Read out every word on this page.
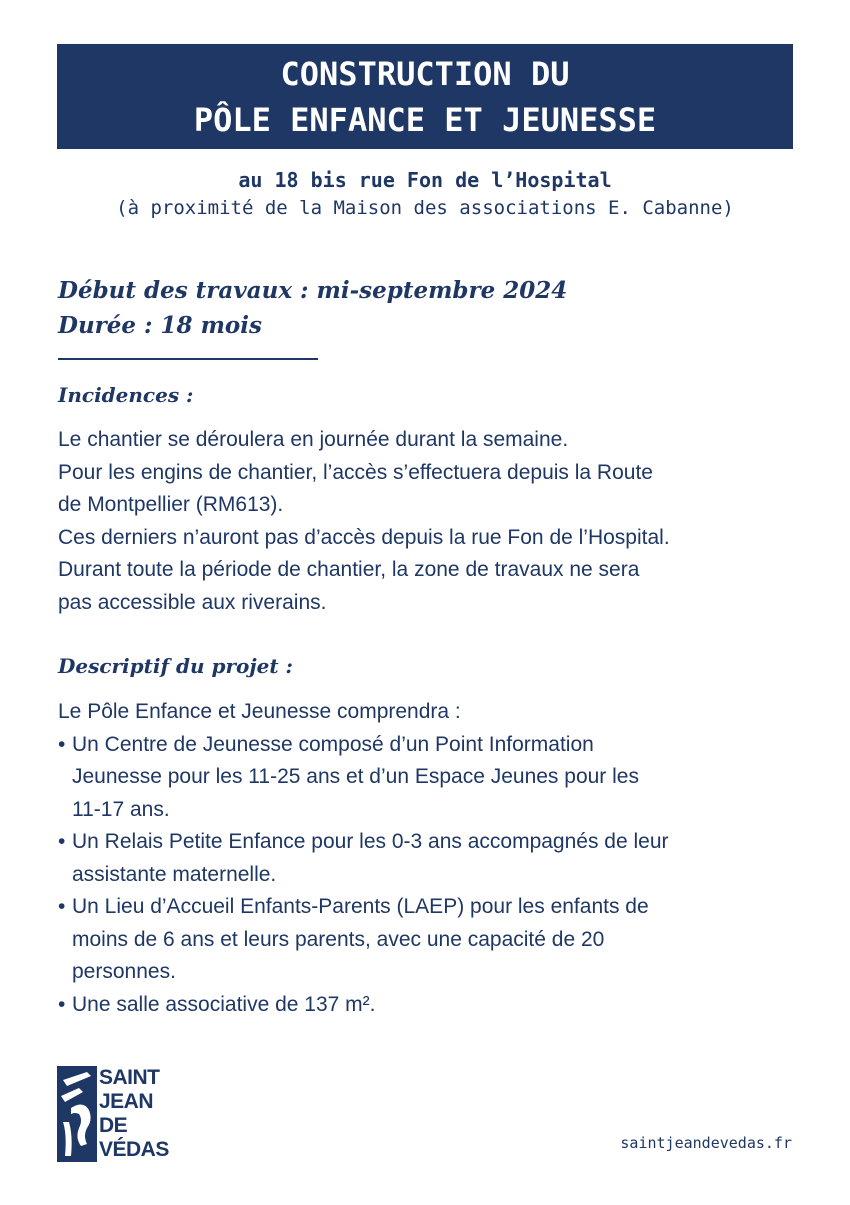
CONSTRUCTION DU
PÔLE ENFANCE ET JEUNESSE
au 18 bis rue Fon de l’Hospital
(à proximité de la Maison des associations E. Cabanne)
Début des travaux : mi-septembre 2024
Durée : 18 mois
Incidences :

Le chantier se déroulera en journée durant la semaine.

Pour les engins de chantier, l’accès s’effectuera depuis la Route

de Montpellier (RM613).

Ces derniers n’auront pas d’accès depuis la rue Fon de l’Hospital.

Durant toute la période de chantier, la zone de travaux ne sera

pas accessible aux riverains.

Descriptif du projet :

Le Pôle Enfance et Jeunesse comprendra :

• Un Centre de Jeunesse composé d’un Point Information
Jeunesse pour les 11-25 ans et d’un Espace Jeunes pour les
11-17 ans.
• Un Relais Petite Enfance pour les 0-3 ans accompagnés de leur
assistante maternelle.
• Un Lieu d’Accueil Enfants-Parents (LAEP) pour les enfants de
moins de 6 ans et leurs parents, avec une capacité de 20
personnes.
• Une salle associative de 137 m².
SAINT
JEAN
DE
VÉDAS	saintjeandevedas.fr
